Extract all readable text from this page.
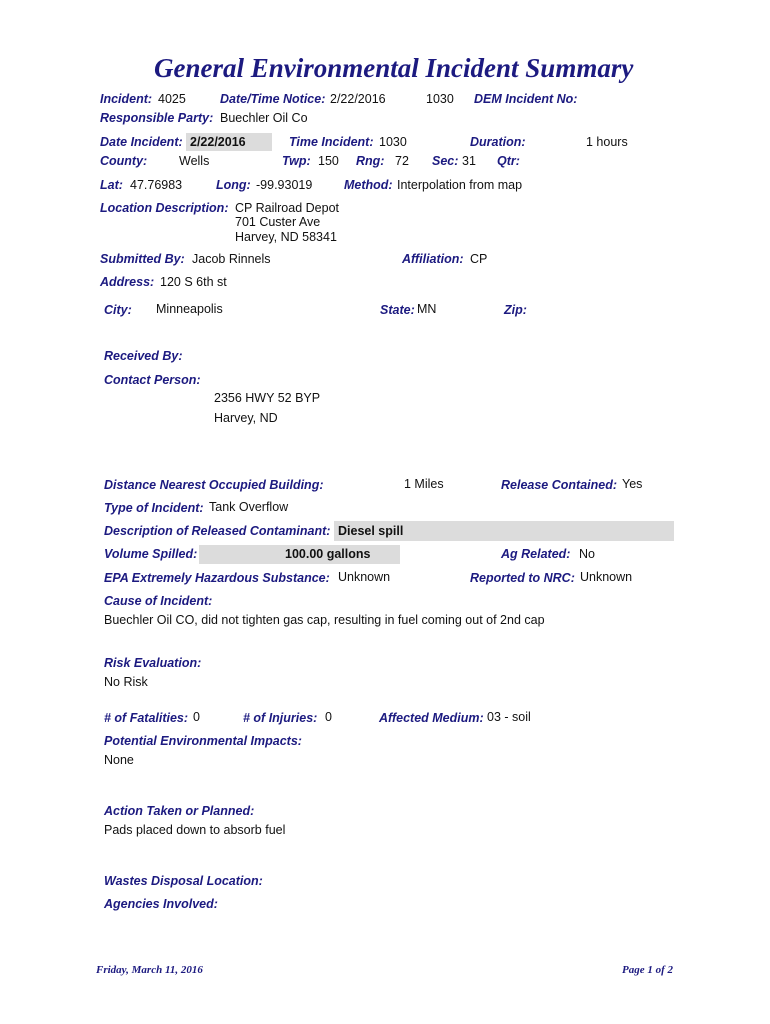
General Environmental Incident Summary
Incident: 4025	Date/Time Notice: 2/22/2016	1030 DEM Incident No:
Responsible Party: Buechler Oil Co
Date Incident: 2/22/2016	Time Incident: 1030	Duration:	1 hours
County:	Wells	Twp: 150 Rng: 72 Sec: 31 Qtr:
Lat: 47.76983	Long: -99.93019	Method: Interpolation from map
Location Description: CP Railroad Depot
701 Custer Ave
Harvey, ND 58341
Submitted By: Jacob Rinnels	Affiliation: CP
Address: 120 S 6th st
City: Minneapolis	State: MN	Zip:
Received By:
Contact Person:
2356 HWY 52 BYP
Harvey, ND
Distance Nearest Occupied Building:	1 Miles	Release Contained: Yes
Type of Incident: Tank Overflow
Description of Released Contaminant: Diesel spill
Volume Spilled:	100.00 gallons	Ag Related: No
EPA Extremely Hazardous Substance: Unknown	Reported to NRC: Unknown
Cause of Incident:
Buechler Oil CO, did not tighten gas cap, resulting in fuel coming out of 2nd cap
Risk Evaluation:
No Risk
# of Fatalities: 0	# of Injuries: 0	Affected Medium: 03 - soil
Potential Environmental Impacts:
None
Action Taken or Planned:
Pads placed down to absorb fuel
Wastes Disposal Location:
Agencies Involved:
Friday, March 11, 2016	Page 1 of 2
